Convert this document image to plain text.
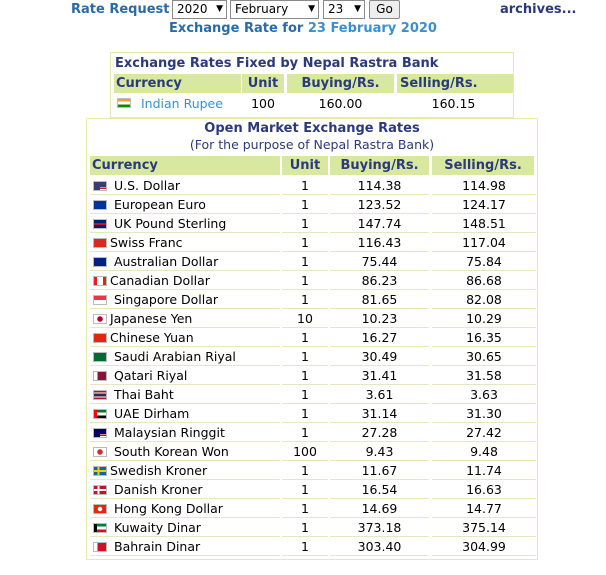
Rate Request 2020 ▼	February ▼	23 ▼	Go	archives...
Exchange Rate for 23 February 2020
Exchange Rates Fixed by Nepal Rastra Bank
Currency	Unit	Buying/Rs.	Selling/Rs.
Indian Rupee	100	160.00	160.15
Open Market Exchange Rates
(For the purpose of Nepal Rastra Bank)
Currency	Unit	Buying/Rs.	Selling/Rs.
U.S. Dollar	1	114.38	114.98
European Euro	1	123.52	124.17
UK Pound Sterling	1	147.74	148.51
Swiss Franc	1	116.43	117.04
Australian Dollar	1	75.44	75.84
Canadian Dollar	1	86.23	86.68
Singapore Dollar	1	81.65	82.08
Japanese Yen	10	10.23	10.29
Chinese Yuan	1	16.27	16.35
Saudi Arabian Riyal	1	30.49	30.65
Qatari Riyal	1	31.41	31.58
Thai Baht	1	3.61	3.63
UAE Dirham	1	31.14	31.30
Malaysian Ringgit	1	27.28	27.42
South Korean Won	100	9.43	9.48
Swedish Kroner	1	11.67	11.74
Danish Kroner	1	16.54	16.63
Hong Kong Dollar	1	14.69	14.77
Kuwaity Dinar	1	373.18	375.14
Bahrain Dinar	1	303.40	304.99
